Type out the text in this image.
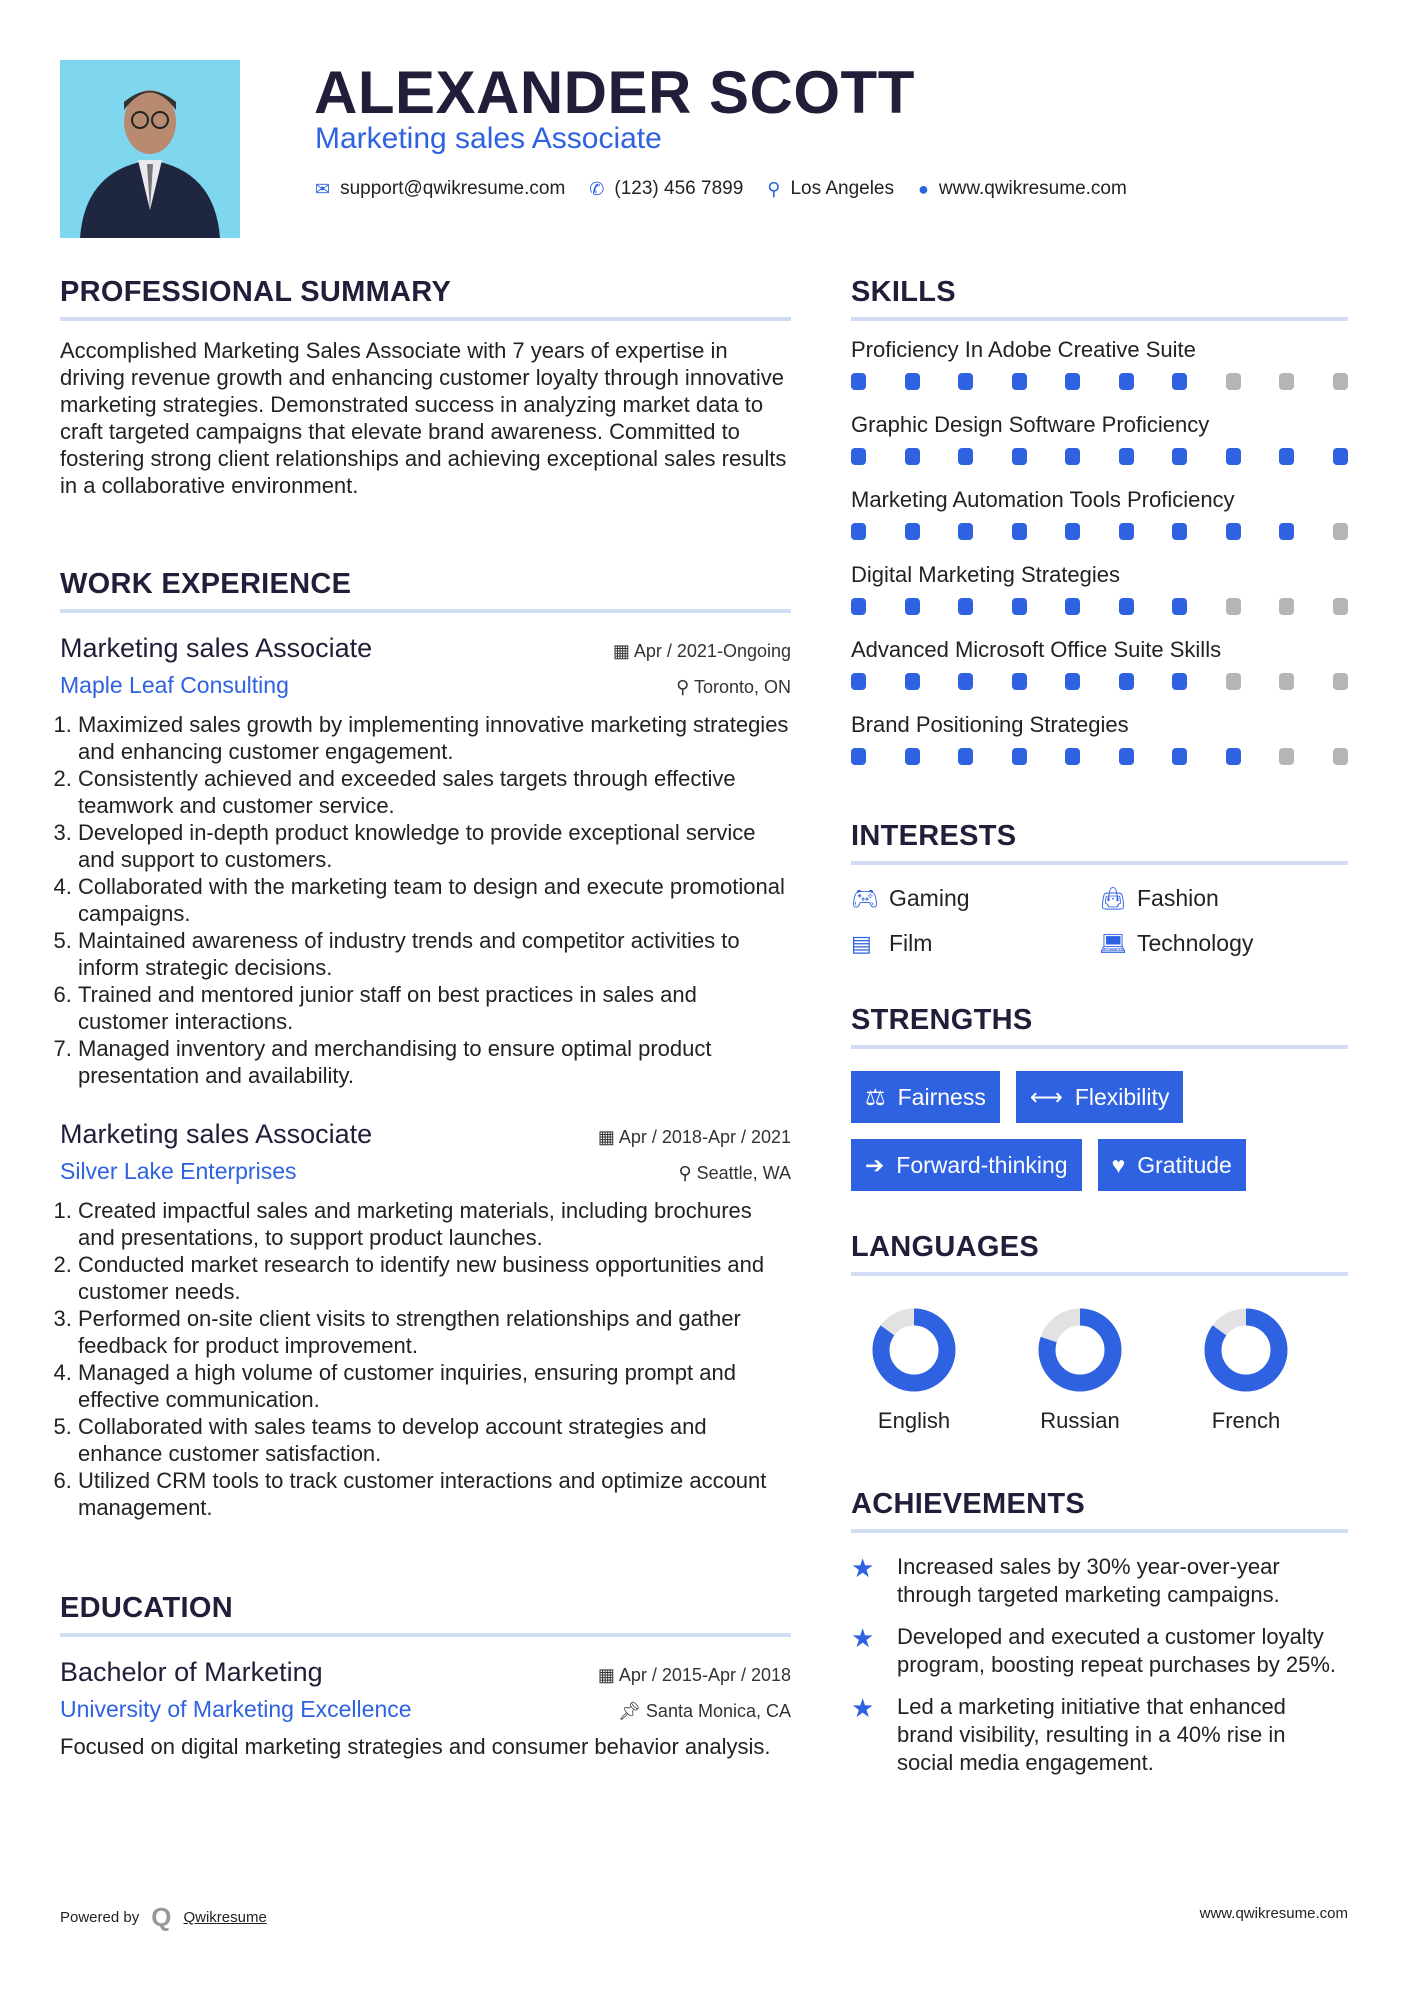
ALEXANDER SCOTT
Marketing sales Associate
✉ support@qwikresume.com ✆ (123) 456 7899 ⚲ Los Angeles ● www.qwikresume.com
PROFESSIONAL SUMMARY

Accomplished Marketing Sales Associate with 7 years of expertise in driving revenue growth and enhancing customer loyalty through innovative marketing strategies. Demonstrated success in analyzing market data to craft targeted campaigns that elevate brand awareness. Committed to fostering strong client relationships and achieving exceptional sales results in a collaborative environment.

WORK EXPERIENCE
Marketing sales Associate	▦ Apr / 2021-Ongoing
Maple Leaf Consulting	⚲ Toronto, ON
1. Maximized sales growth by implementing innovative marketing strategies and enhancing customer engagement.
2. Consistently achieved and exceeded sales targets through effective teamwork and customer service.
3. Developed in-depth product knowledge to provide exceptional service and support to customers.
4. Collaborated with the marketing team to design and execute promotional campaigns.
5. Maintained awareness of industry trends and competitor activities to inform strategic decisions.
6. Trained and mentored junior staff on best practices in sales and customer interactions.
7. Managed inventory and merchandising to ensure optimal product presentation and availability.
Marketing sales Associate	▦ Apr / 2018-Apr / 2021
Silver Lake Enterprises	⚲ Seattle, WA
1. Created impactful sales and marketing materials, including brochures and presentations, to support product launches.
2. Conducted market research to identify new business opportunities and customer needs.
3. Performed on-site client visits to strengthen relationships and gather feedback for product improvement.
4. Managed a high volume of customer inquiries, ensuring prompt and effective communication.
5. Collaborated with sales teams to develop account strategies and enhance customer satisfaction.
6. Utilized CRM tools to track customer interactions and optimize account management.
EDUCATION
Bachelor of Marketing	▦ Apr / 2015-Apr / 2018
University of Marketing Excellence	📌︎ Santa Monica, CA

Focused on digital marketing strategies and consumer behavior analysis.

SKILLS
Proficiency In Adobe Creative Suite
Graphic Design Software Proficiency
Marketing Automation Tools Proficiency
Digital Marketing Strategies
Advanced Microsoft Office Suite Skills
Brand Positioning Strategies
INTERESTS
🎮︎ Gaming	👜︎ Fashion
▤ Film	💻︎ Technology
STRENGTHS
⚖ Fairness ⟷ Flexibility
➔ Forward-thinking ♥ Gratitude
LANGUAGES
English	Russian	French
ACHIEVEMENTS
★	Increased sales by 30% year-over-year through targeted marketing campaigns.
★	Developed and executed a customer loyalty program, boosting repeat purchases by 25%.
★	Led a marketing initiative that enhanced brand visibility, resulting in a 40% rise in social media engagement.
Powered by Q Qwikresume	www.qwikresume.com
